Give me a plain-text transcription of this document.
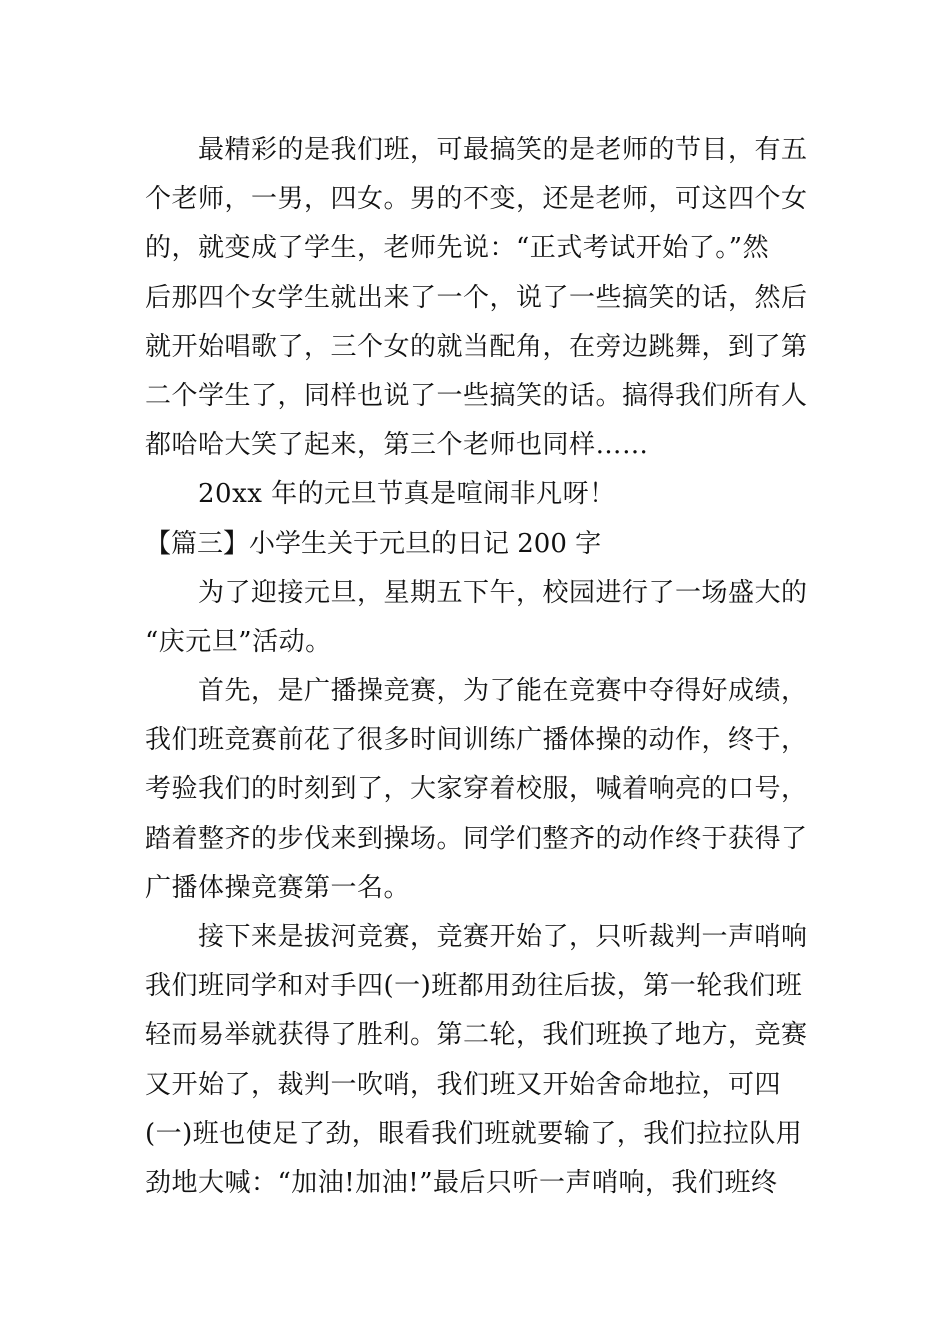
最精彩的是我们班，可最搞笑的是老师的节目，有五
个老师，一男，四女。男的不变，还是老师，可这四个女
的，就变成了学生，老师先说：“正式考试开始了。”然
后那四个女学生就出来了一个，说了一些搞笑的话，然后
就开始唱歌了，三个女的就当配角，在旁边跳舞，到了第
二个学生了，同样也说了一些搞笑的话。搞得我们所有人
都哈哈大笑了起来，第三个老师也同样……
20xx 年的元旦节真是喧闹非凡呀！
【篇三】小学生关于元旦的日记 200 字
为了迎接元旦，星期五下午，校园进行了一场盛大的
“庆元旦”活动。
首先，是广播操竞赛，为了能在竞赛中夺得好成绩，
我们班竞赛前花了很多时间训练广播体操的动作，终于，
考验我们的时刻到了，大家穿着校服，喊着响亮的口号，
踏着整齐的步伐来到操场。同学们整齐的动作终于获得了
广播体操竞赛第一名。
接下来是拔河竞赛，竞赛开始了，只听裁判一声哨响
我们班同学和对手四(一)班都用劲往后拔，第一轮我们班
轻而易举就获得了胜利。第二轮，我们班换了地方，竞赛
又开始了，裁判一吹哨，我们班又开始舍命地拉，可四
(一)班也使足了劲，眼看我们班就要输了，我们拉拉队用
劲地大喊：“加油!加油!”最后只听一声哨响，我们班终
